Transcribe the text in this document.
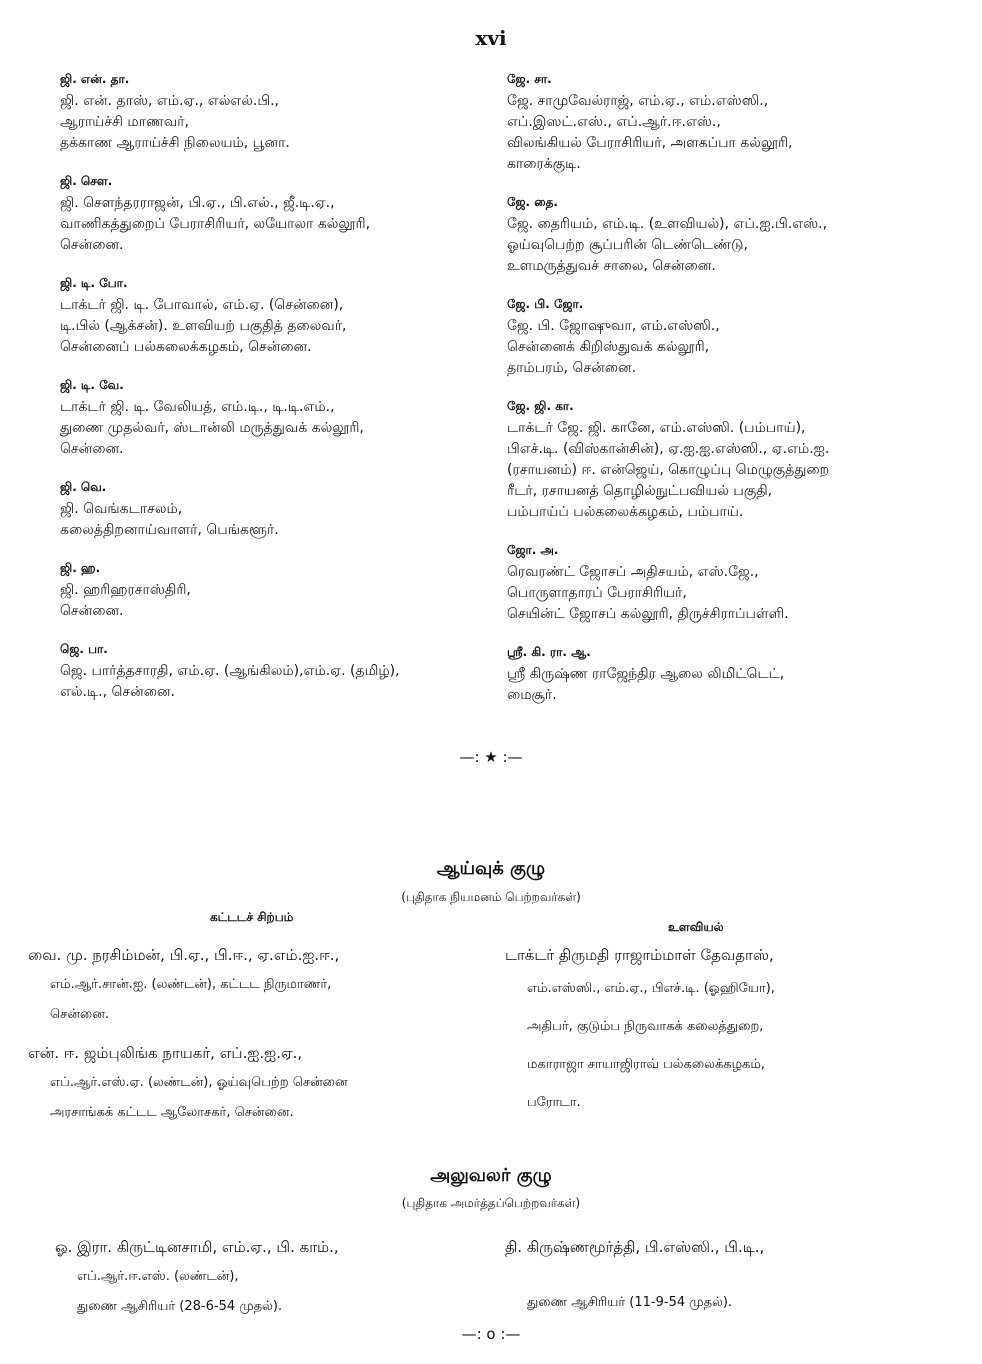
xvi
ஜி. என். தா.
ஜி. என். தாஸ், எம்.ஏ., எல்எல்.பி.,
ஆராய்ச்சி மாணவர்,
தக்காண ஆராய்ச்சி நிலையம், பூனா.
ஜி. சௌ.
ஜி. சௌந்தரராஜன், பி.ஏ., பி.எல்., ஜீ.டி.ஏ.,
வாணிகத்துறைப் பேராசிரியர், லயோலா கல்லூரி,
சென்னை.
ஜி. டி. போ.
டாக்டர் ஜி. டி. போவால், எம்.ஏ. (சென்னை),
டி.பில் (ஆக்சன்). உளவியற் பகுதித் தலைவர்,
சென்னைப் பல்கலைக்கழகம், சென்னை.
ஜி. டி. வே.
டாக்டர் ஜி. டி. வேலியத், எம்.டி., டி.டி.எம்.,
துணை முதல்வர், ஸ்டான்லி மருத்துவக் கல்லூரி,
சென்னை.
ஜி. வெ.
ஜி. வெங்கடாசலம்,
கலைத்திறனாய்வாளர், பெங்களூர்.
ஜி. ஹ.
ஜி. ஹரிஹரசாஸ்திரி,
சென்னை.
ஜெ. பா.
ஜெ. பார்த்தசாரதி, எம்.ஏ. (ஆங்கிலம்),எம்.ஏ. (தமிழ்),
எல்.டி., சென்னை.
ஜே. சா.
ஜே. சாமுவேல்ராஜ், எம்.ஏ., எம்.எஸ்ஸி.,
எப்.இஸட்.எஸ்., எப்.ஆர்.ஈ.எஸ்.,
விலங்கியல் பேராசிரியர், அளகப்பா கல்லூரி,
காரைக்குடி.
ஜே. தை.
ஜே. தைரியம், எம்.டி. (உளவியல்), எப்.ஐ.பி.எஸ்.,
ஓய்வுபெற்ற சூப்பரின் டெண்டெண்டு,
உளமருத்துவச் சாலை, சென்னை.
ஜே. பி. ஜோ.
ஜே. பி. ஜோஷுவா, எம்.எஸ்ஸி.,
சென்னைக் கிறிஸ்துவக் கல்லூரி,
தாம்பரம், சென்னை.
ஜே. ஜி. கா.
டாக்டர் ஜே. ஜி. கானே, எம்.எஸ்ஸி. (பம்பாய்),
பிஎச்.டி. (விஸ்கான்சின்), ஏ.ஐ.ஐ.எஸ்ஸி., ஏ.எம்.ஐ.
(ரசாயனம்) ஈ. என்ஜெய், கொழுப்பு மெழுகுத்துறை
ரீடர், ரசாயனத் தொழில்நுட்பவியல் பகுதி,
பம்பாய்ப் பல்கலைக்கழகம், பம்பாய்.
ஜோ. அ.
ரெவரண்ட் ஜோசப் அதிசயம், எஸ்.ஜே.,
பொருளாதாரப் பேராசிரியர்,
செயின்ட் ஜோசப் கல்லூரி, திருச்சிராப்பள்ளி.
ஸ்ரீ. கி. ரா. ஆ.
ஸ்ரீ கிருஷ்ண ராஜேந்திர ஆலை லிமிட்டெட்,
மைசூர்.
—: ★ :—
ஆய்வுக் குழு
(புதிதாக நியமனம் பெற்றவர்கள்)
கட்டடச் சிற்பம்
உளவியல்
வை. மு. நரசிம்மன், பி.ஏ., பி.ஈ., ஏ.எம்.ஐ.ஈ.,
எம்.ஆர்.சான்.ஐ. (லண்டன்), கட்டட நிருமாணர்,
சென்னை.
என். ஈ. ஜம்புலிங்க நாயகர், எப்.ஐ.ஐ.ஏ.,
எப்.ஆர்.எஸ்.ஏ. (லண்டன்), ஓய்வுபெற்ற சென்னை
அரசாங்கக் கட்டட ஆலோசகர், சென்னை.
டாக்டர் திருமதி ராஜாம்மாள் தேவதாஸ்,
எம்.எஸ்ஸி., எம்.ஏ., பிஎச்.டி. (ஓஹியோ),
அதிபர், குடும்ப நிருவாகக் கலைத்துறை,
மகாராஜா சாயாஜிராவ் பல்கலைக்கழகம்,
பரோடா.
அலுவலர் குழு
(புதிதாக அமர்த்தப்பெற்றவர்கள்)
ஓ. இரா. கிருட்டினசாமி, எம்.ஏ., பி. காம்.,
எப்.ஆர்.ஈ.எஸ். (லண்டன்),
துணை ஆசிரியர் (28-6-54 முதல்).
தி. கிருஷ்ணமூர்த்தி, பி.எஸ்ஸி., பி.டி.,
துணை ஆசிரியர் (11-9-54 முதல்).
—: o :—
